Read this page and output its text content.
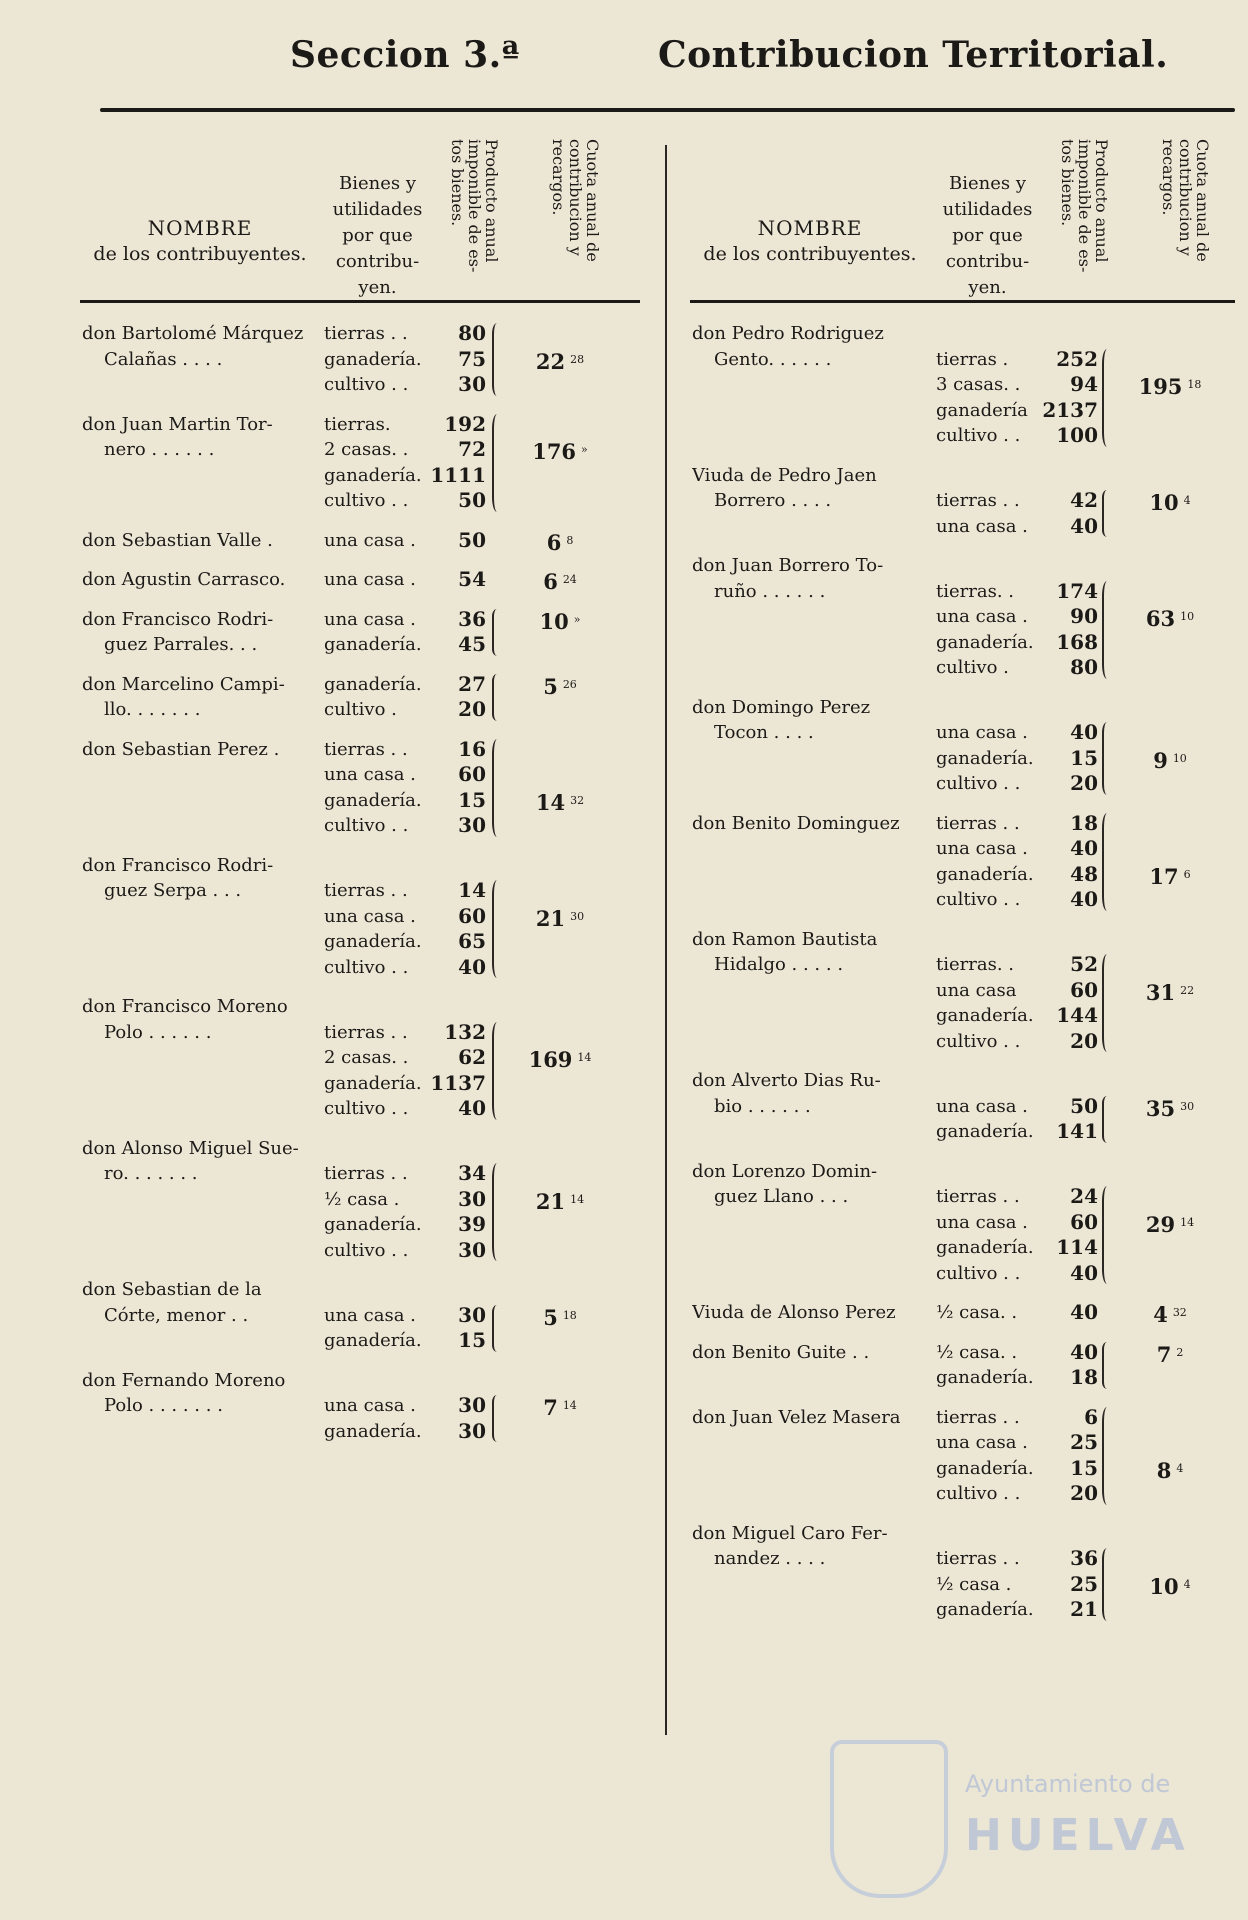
Seccion 3.ª	Contribucion Territorial.
NOMBRE
de los contribuyentes.
Bienes y utilidades por que contribu-yen.
Producto anual imponible de es-tos bienes.	Cuota anual de contribucion y recargos.
don Bartolomé Márquez
Calañas . . . .
tierras . .	80
ganadería.	75
cultivo . .	30
22 $^{28}$
don Juan Martin Tor-
nero . . . . . .
tierras.	192
2 casas. .	72
ganadería. 1111
cultivo . .	50
176 »
don Sebastian Valle .	una casa .	50	6 $^8$
don Agustin Carrasco.	una casa .	54	6 $^{24}$
don Francisco Rodri-
guez Parrales. . .
una casa .	36
ganadería.	45
10 »
don Marcelino Campi-
llo. . . . . . .
ganadería.	27
cultivo .	20
5 $^{26}$
don Sebastian Perez .	tierras . .	16
una casa .	60
ganadería.	15
cultivo . .	30
14 $^{32}$
don Francisco Rodri-
guez Serpa . . .	tierras . .	14
una casa .	60
ganadería.	65
cultivo . .	40
21 $^{30}$
don Francisco Moreno
Polo . . . . . .	tierras . .	132
2 casas. .	62
ganadería. 1137
cultivo . .	40
169 $^{14}$
don Alonso Miguel Sue-
ro. . . . . . .	tierras . .	34
½ casa .	30
ganadería.	39
cultivo . .	30
21 $^{14}$
don Sebastian de la
Córte, menor . .	una casa .	30
ganadería.	15
5 $^{18}$
don Fernando Moreno
Polo . . . . . . .	una casa .	30
ganadería.	30
7 $^{14}$
NOMBRE
de los contribuyentes.
Bienes y utilidades por que contribu-yen.
Producto anual imponible de es-tos bienes.	Cuota anual de contribucion y recargos.
don Pedro Rodriguez
Gento. . . . . .	tierras .	252
3 casas. .	94
ganadería 2137
cultivo . .	100
195 $^{18}$
Viuda de Pedro Jaen
Borrero . . . .	tierras . .	42
una casa .	40
10 $^4$
don Juan Borrero To-
ruño . . . . . .	tierras. .	174
una casa .	90
ganadería.	168
cultivo .	80
63 $^{10}$
don Domingo Perez
Tocon . . . .	una casa .	40
ganadería.	15
cultivo . .	20
9 $^{10}$
don Benito Dominguez	tierras . .	18
una casa .	40
ganadería.	48
cultivo . .	40
17 $^6$
don Ramon Bautista
Hidalgo . . . . .	tierras. .	52
una casa	60
ganadería.	144
cultivo . .	20
31 $^{22}$
don Alverto Dias Ru-
bio . . . . . .	una casa .	50
ganadería.	141
35 $^{30}$
don Lorenzo Domin-
guez Llano . . .	tierras . .	24
una casa .	60
ganadería.	114
cultivo . .	40
29 $^{14}$
Viuda de Alonso Perez	½ casa. .	40	4 $^{32}$
don Benito Guite . .	½ casa. .	40
ganadería.	18
7 $^2$
don Juan Velez Masera	tierras . .	6
una casa .	25
ganadería.	15
cultivo . .	20
8 $^4$
don Miguel Caro Fer-
nandez . . . .	tierras . .	36
½ casa .	25
ganadería.	21
10 $^4$
Ayuntamiento de
HUELVA
